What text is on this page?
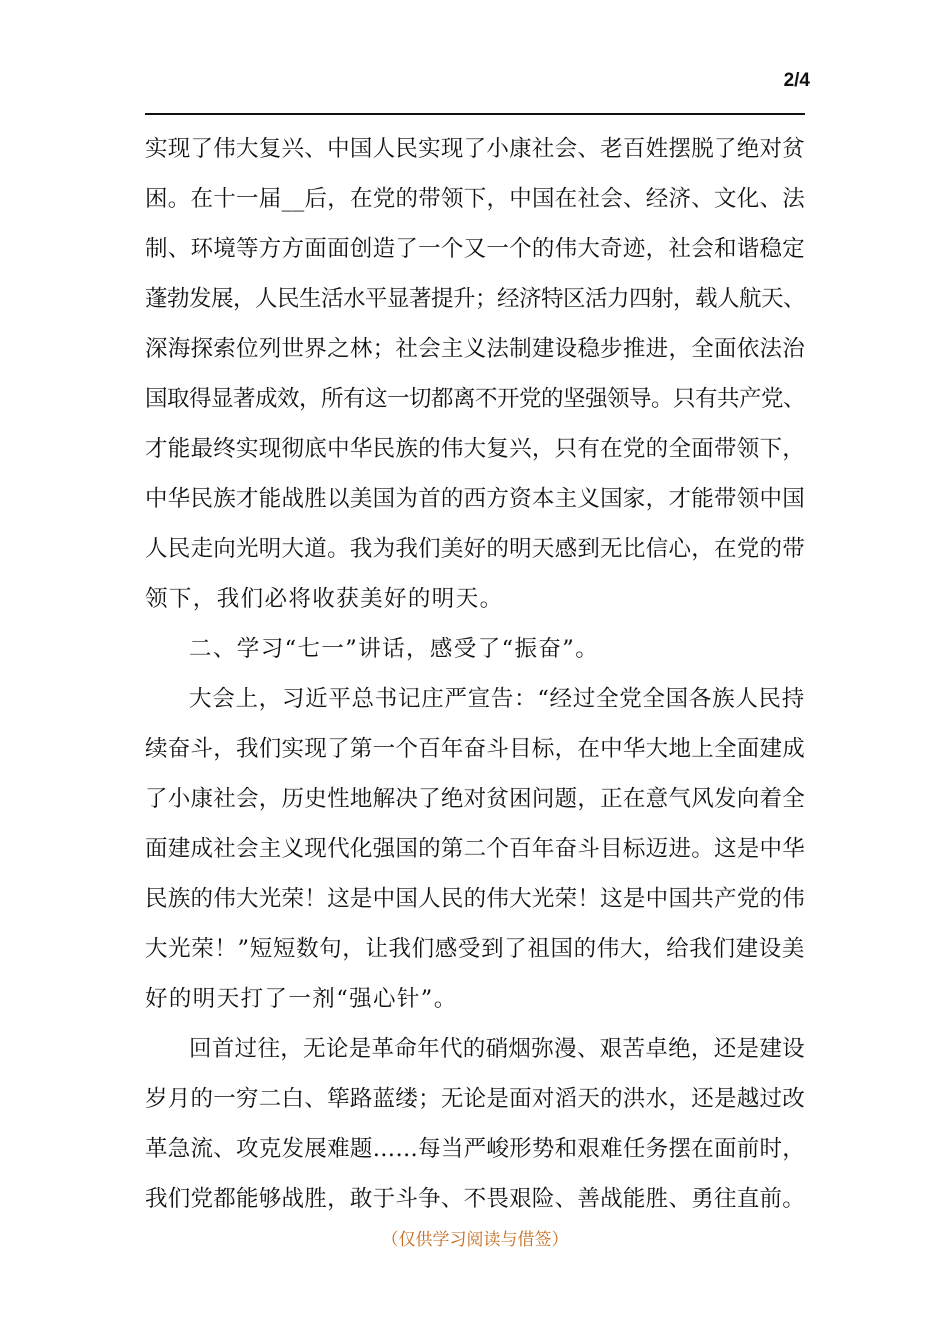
2/4
实现了伟大复兴、中国人民实现了小康社会、老百姓摆脱了绝对贫
困。在十一届__后，在党的带领下，中国在社会、经济、文化、法
制、环境等方方面面创造了一个又一个的伟大奇迹，社会和谐稳定
蓬勃发展，人民生活水平显著提升；经济特区活力四射，载人航天、
深海探索位列世界之林；社会主义法制建设稳步推进，全面依法治
国取得显著成效，所有这一切都离不开党的坚强领导。只有共产党、
才能最终实现彻底中华民族的伟大复兴，只有在党的全面带领下，
中华民族才能战胜以美国为首的西方资本主义国家，才能带领中国
人民走向光明大道。我为我们美好的明天感到无比信心，在党的带
领下，我们必将收获美好的明天。
二、学习“七一”讲话，感受了“振奋”。
大会上，习近平总书记庄严宣告：“经过全党全国各族人民持
续奋斗，我们实现了第一个百年奋斗目标，在中华大地上全面建成
了小康社会，历史性地解决了绝对贫困问题，正在意气风发向着全
面建成社会主义现代化强国的第二个百年奋斗目标迈进。这是中华
民族的伟大光荣！这是中国人民的伟大光荣！这是中国共产党的伟
大光荣！”短短数句，让我们感受到了祖国的伟大，给我们建设美
好的明天打了一剂“强心针”。
回首过往，无论是革命年代的硝烟弥漫、艰苦卓绝，还是建设
岁月的一穷二白、筚路蓝缕；无论是面对滔天的洪水，还是越过改
革急流、攻克发展难题……每当严峻形势和艰难任务摆在面前时，
我们党都能够战胜，敢于斗争、不畏艰险、善战能胜、勇往直前。
（仅供学习阅读与借签）
